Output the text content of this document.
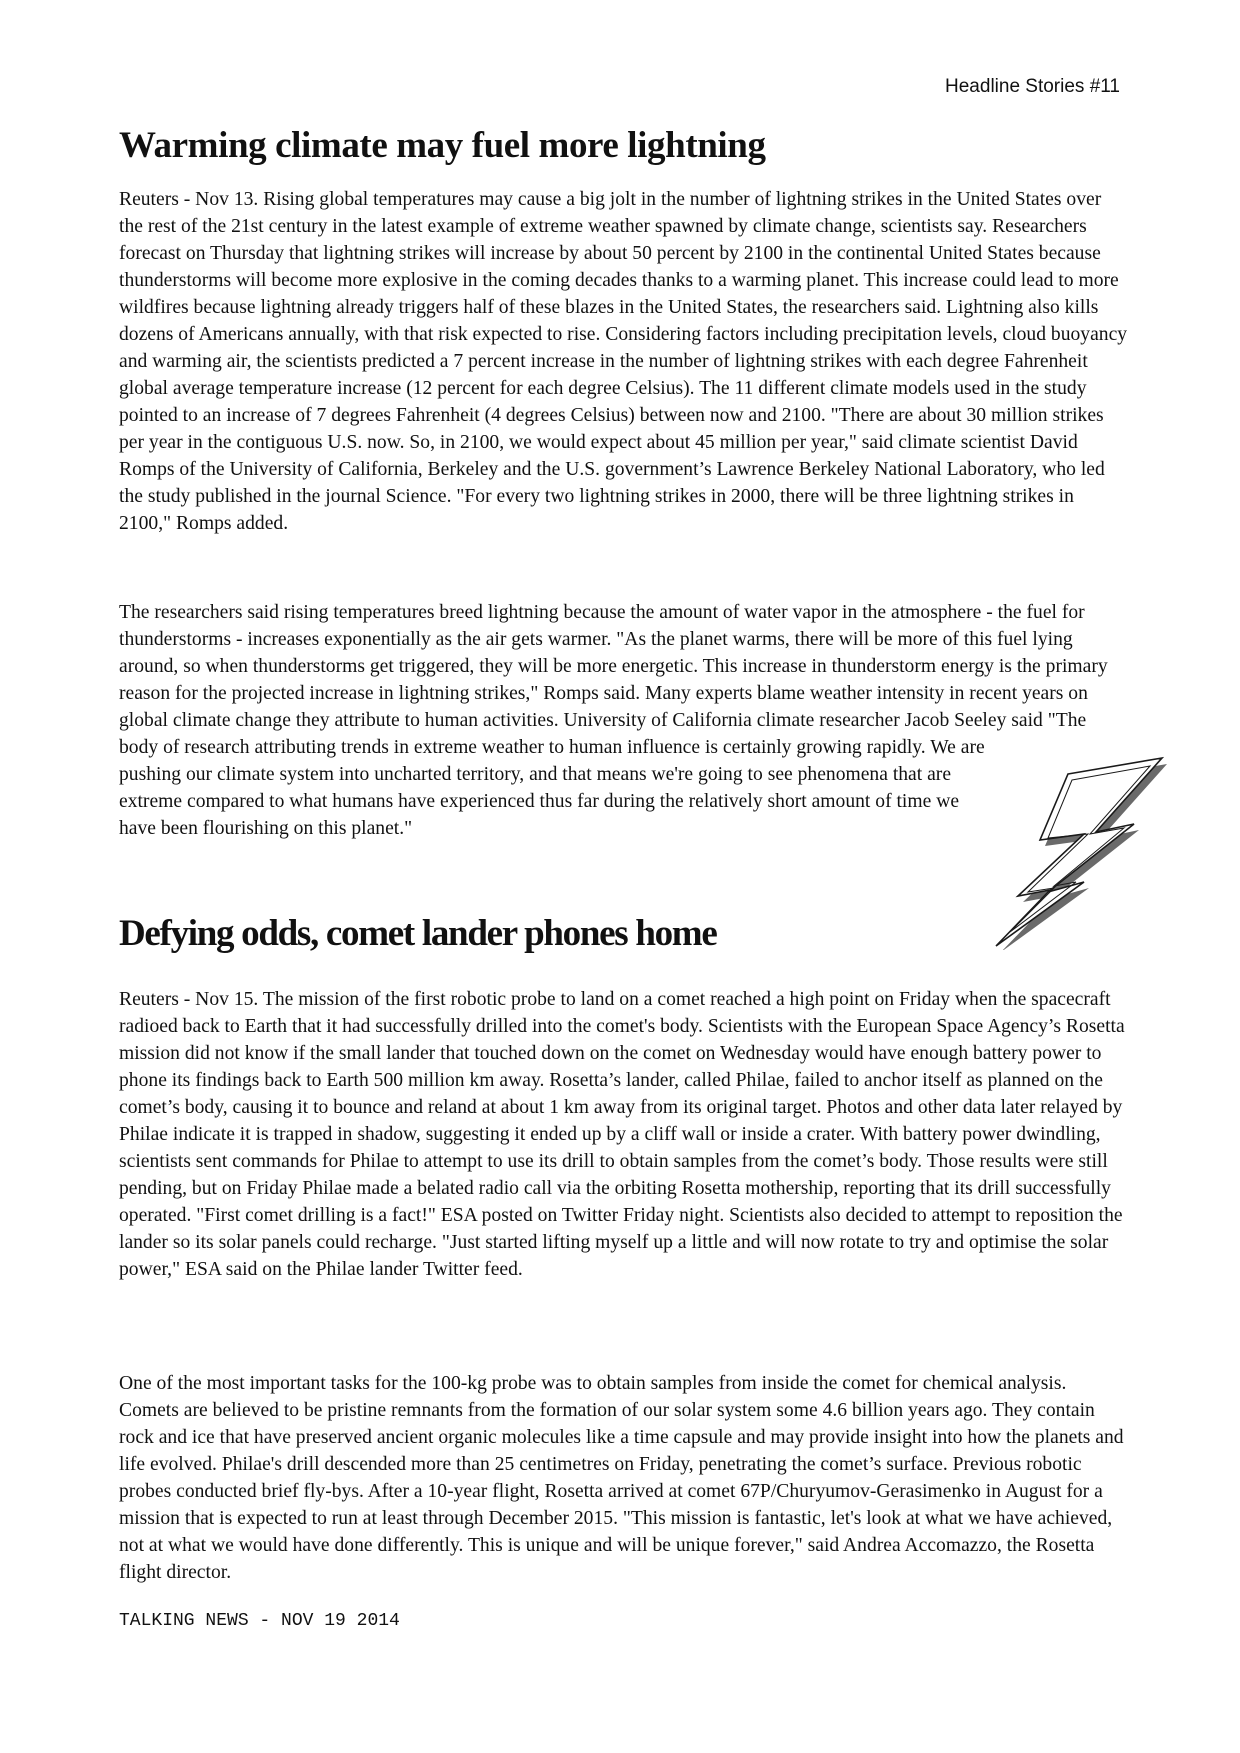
Headline Stories #11
Warming climate may fuel more lightning

Reuters - Nov 13. Rising global temperatures may cause a big jolt in the number of lightning strikes in the United States over the rest of the 21st century in the latest example of extreme weather spawned by climate change, scientists say. Researchers forecast on Thursday that lightning strikes will increase by about 50 percent by 2100 in the continental United States because thunderstorms will become more explosive in the coming decades thanks to a warming planet. This increase could lead to more wildfires because lightning already triggers half of these blazes in the United States, the researchers said. Lightning also kills dozens of Americans annually, with that risk expected to rise. Considering factors including precipitation levels, cloud buoyancy and warming air, the scientists predicted a 7 percent increase in the number of lightning strikes with each degree Fahrenheit global average temperature increase (12 percent for each degree Celsius). The 11 different climate models used in the study pointed to an increase of 7 degrees Fahrenheit (4 degrees Celsius) between now and 2100. "There are about 30 million strikes per year in the contiguous U.S. now. So, in 2100, we would expect about 45 million per year," said climate scientist David Romps of the University of California, Berkeley and the U.S. government’s Lawrence Berkeley National Laboratory, who led the study published in the journal Science. "For every two lightning strikes in 2000, there will be three lightning strikes in 2100," Romps added.

The researchers said rising temperatures breed lightning because the amount of water vapor in the atmosphere - the fuel for thunderstorms - increases exponentially as the air gets warmer. "As the planet warms, there will be more of this fuel lying around, so when thunderstorms get triggered, they will be more energetic. This increase in thunderstorm energy is the primary reason for the projected increase in lightning strikes," Romps said. Many experts blame weather intensity in recent years on global climate change they attribute to human activities. University of California climate researcher Jacob Seeley said "The
body of research attributing trends in extreme weather to human influence is certainly growing rapidly. We are pushing our climate system into uncharted territory, and that means we're going to see phenomena that are extreme compared to what humans have experienced thus far during the relatively short amount of time we have been flourishing on this planet."
Defying odds, comet lander phones home

Reuters - Nov 15. The mission of the first robotic probe to land on a comet reached a high point on Friday when the spacecraft radioed back to Earth that it had successfully drilled into the comet's body. Scientists with the European Space Agency’s Rosetta mission did not know if the small lander that touched down on the comet on Wednesday would have enough battery power to phone its findings back to Earth 500 million km away. Rosetta’s lander, called Philae, failed to anchor itself as planned on the comet’s body, causing it to bounce and reland at about 1 km away from its original target. Photos and other data later relayed by Philae indicate it is trapped in shadow, suggesting it ended up by a cliff wall or inside a crater. With battery power dwindling, scientists sent commands for Philae to attempt to use its drill to obtain samples from the comet’s body. Those results were still pending, but on Friday Philae made a belated radio call via the orbiting Rosetta mothership, reporting that its drill successfully operated. "First comet drilling is a fact!" ESA posted on Twitter Friday night. Scientists also decided to attempt to reposition the lander so its solar panels could recharge. "Just started lifting myself up a little and will now rotate to try and optimise the solar power," ESA said on the Philae lander Twitter feed.

One of the most important tasks for the 100-kg probe was to obtain samples from inside the comet for chemical analysis. Comets are believed to be pristine remnants from the formation of our solar system some 4.6 billion years ago. They contain rock and ice that have preserved ancient organic molecules like a time capsule and may provide insight into how the planets and life evolved. Philae's drill descended more than 25 centimetres on Friday, penetrating the comet’s surface. Previous robotic probes conducted brief fly-bys. After a 10-year flight, Rosetta arrived at comet 67P/Churyumov-Gerasimenko in August for a mission that is expected to run at least through December 2015. "This mission is fantastic, let's look at what we have achieved, not at what we would have done differently. This is unique and will be unique forever," said Andrea Accomazzo, the Rosetta flight director.

TALKING NEWS - NOV 19 2014
